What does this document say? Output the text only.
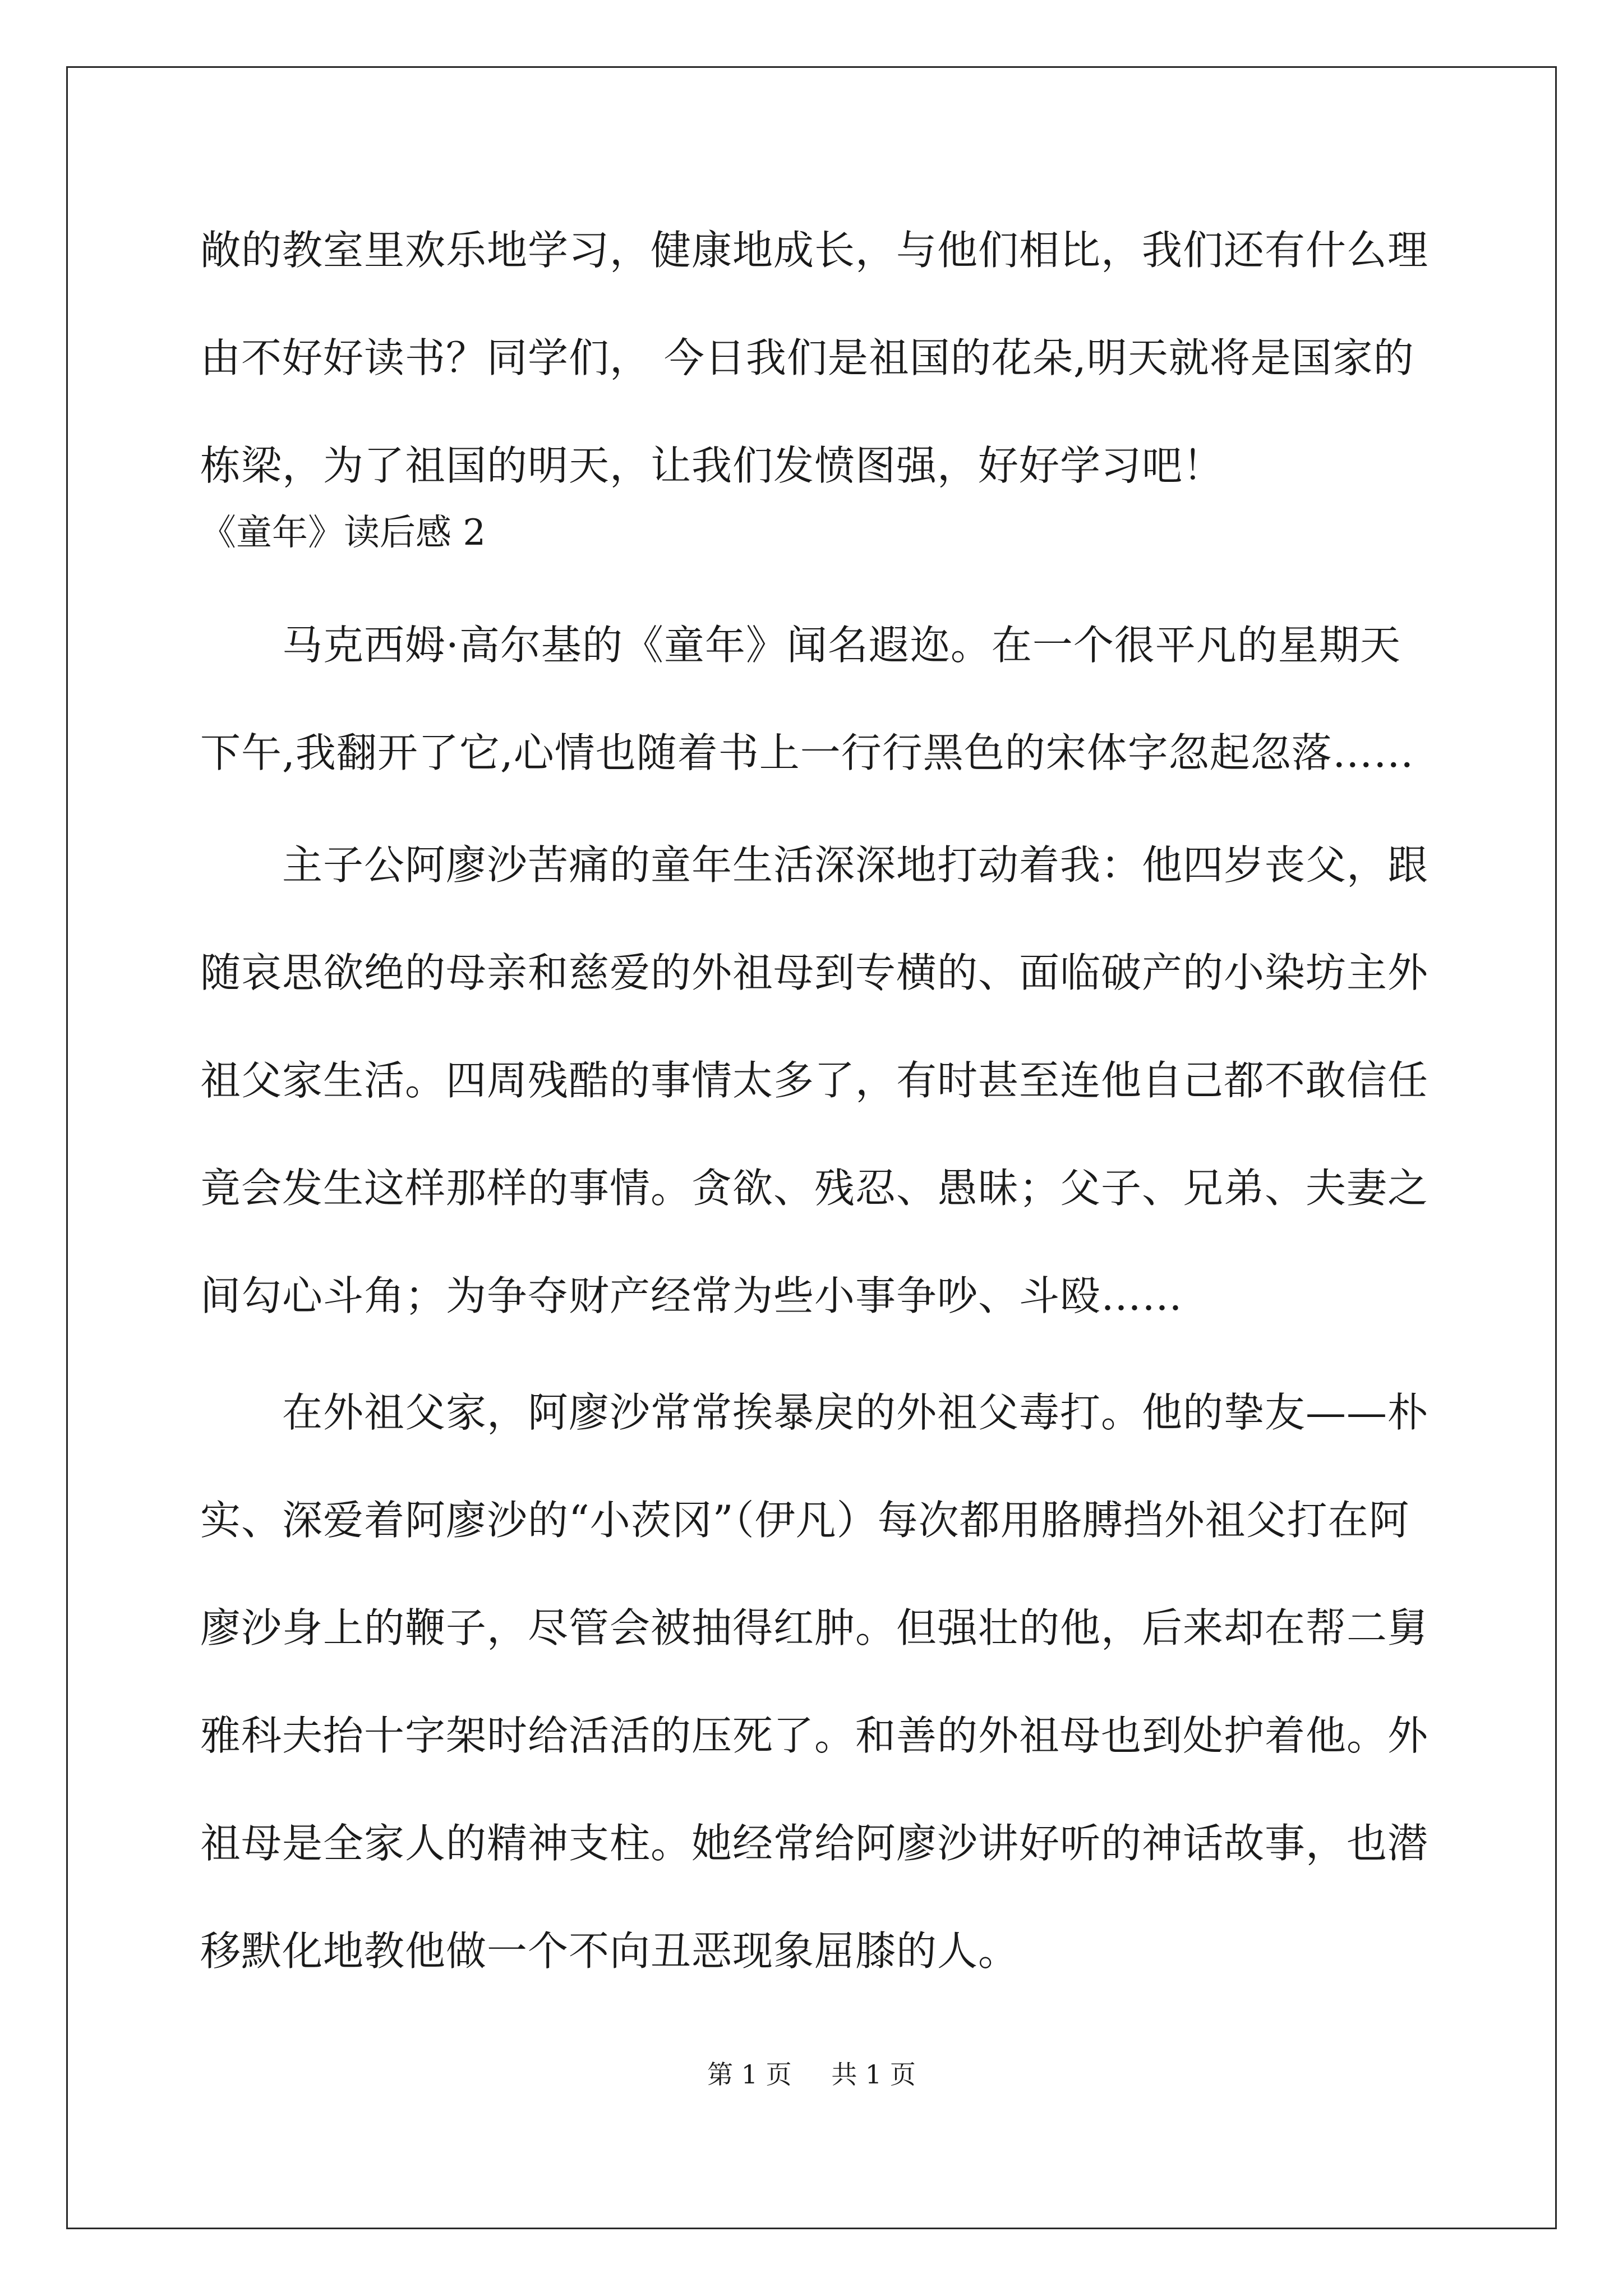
敞的教室里欢乐地学习，健康地成长，与他们相比，我们还有什么理
由不好好读书？同学们， 今日我们是祖国的花朵,明天就将是国家的
栋梁，为了祖国的明天，让我们发愤图强，好好学习吧！
《童年》读后感 2
马克西姆·高尔基的《童年》闻名遐迩。在一个很平凡的星期天
下午,我翻开了它,心情也随着书上一行行黑色的宋体字忽起忽落……
主子公阿廖沙苦痛的童年生活深深地打动着我：他四岁丧父，跟
随哀思欲绝的母亲和慈爱的外祖母到专横的、面临破产的小染坊主外
祖父家生活。四周残酷的事情太多了，有时甚至连他自己都不敢信任
竟会发生这样那样的事情。贪欲、残忍、愚昧；父子、兄弟、夫妻之
间勾心斗角；为争夺财产经常为些小事争吵、斗殴……
在外祖父家，阿廖沙常常挨暴戾的外祖父毒打。他的挚友——朴
实、深爱着阿廖沙的“小茨冈”（伊凡）每次都用胳膊挡外祖父打在阿
廖沙身上的鞭子，尽管会被抽得红肿。但强壮的他，后来却在帮二舅
雅科夫抬十字架时给活活的压死了。和善的外祖母也到处护着他。外
祖母是全家人的精神支柱。她经常给阿廖沙讲好听的神话故事，也潜
移默化地教他做一个不向丑恶现象屈膝的人。
第 1 页 共 1 页
